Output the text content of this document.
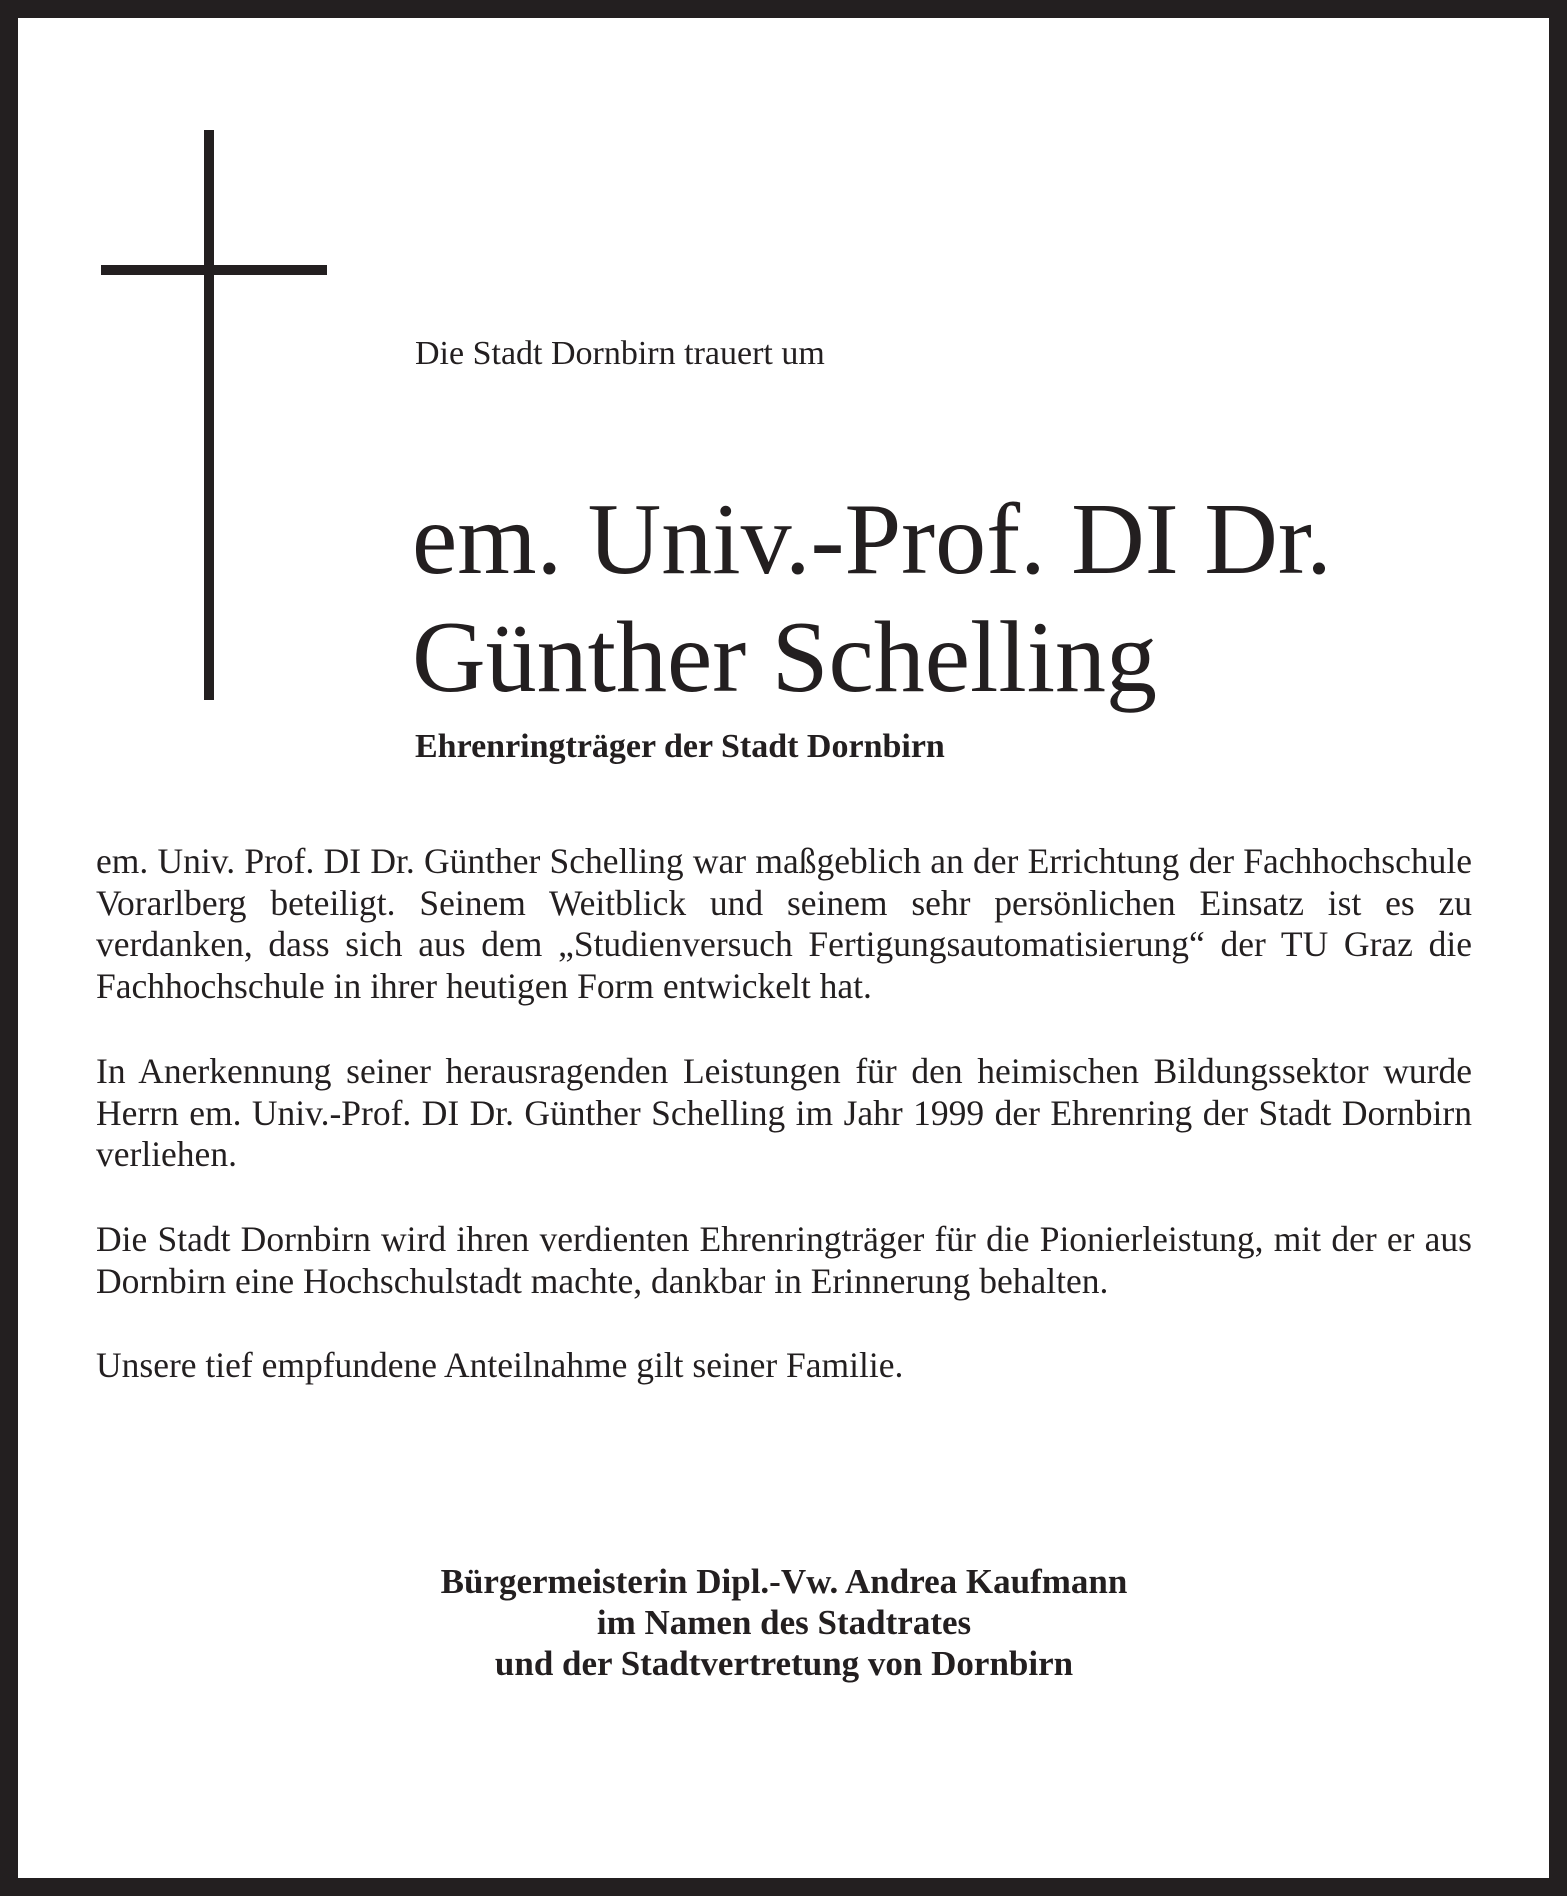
Die Stadt Dornbirn trauert um
em. Univ.-Prof. DI Dr.
Günther Schelling
Ehrenringträger der Stadt Dornbirn

em. Univ. Prof. DI Dr. Günther Schelling war maßgeblich an der Errichtung der Fachhochschule Vorarlberg beteiligt. Seinem Weitblick und seinem sehr persönlichen Einsatz ist es zu verdanken, dass sich aus dem „Studienversuch Fertigungsautomatisierung“ der TU Graz die Fachhochschule in ihrer heutigen Form entwickelt hat.

In Anerkennung seiner herausragenden Leistungen für den heimischen Bildungssektor wurde Herrn em. Univ.-Prof. DI Dr. Günther Schelling im Jahr 1999 der Ehrenring der Stadt Dornbirn verliehen.

Die Stadt Dornbirn wird ihren verdienten Ehrenringträger für die Pionierleistung, mit der er aus Dornbirn eine Hochschulstadt machte, dankbar in Erinnerung behalten.

Unsere tief empfundene Anteilnahme gilt seiner Familie.

Bürgermeisterin Dipl.-Vw. Andrea Kaufmann
im Namen des Stadtrates
und der Stadtvertretung von Dornbirn
